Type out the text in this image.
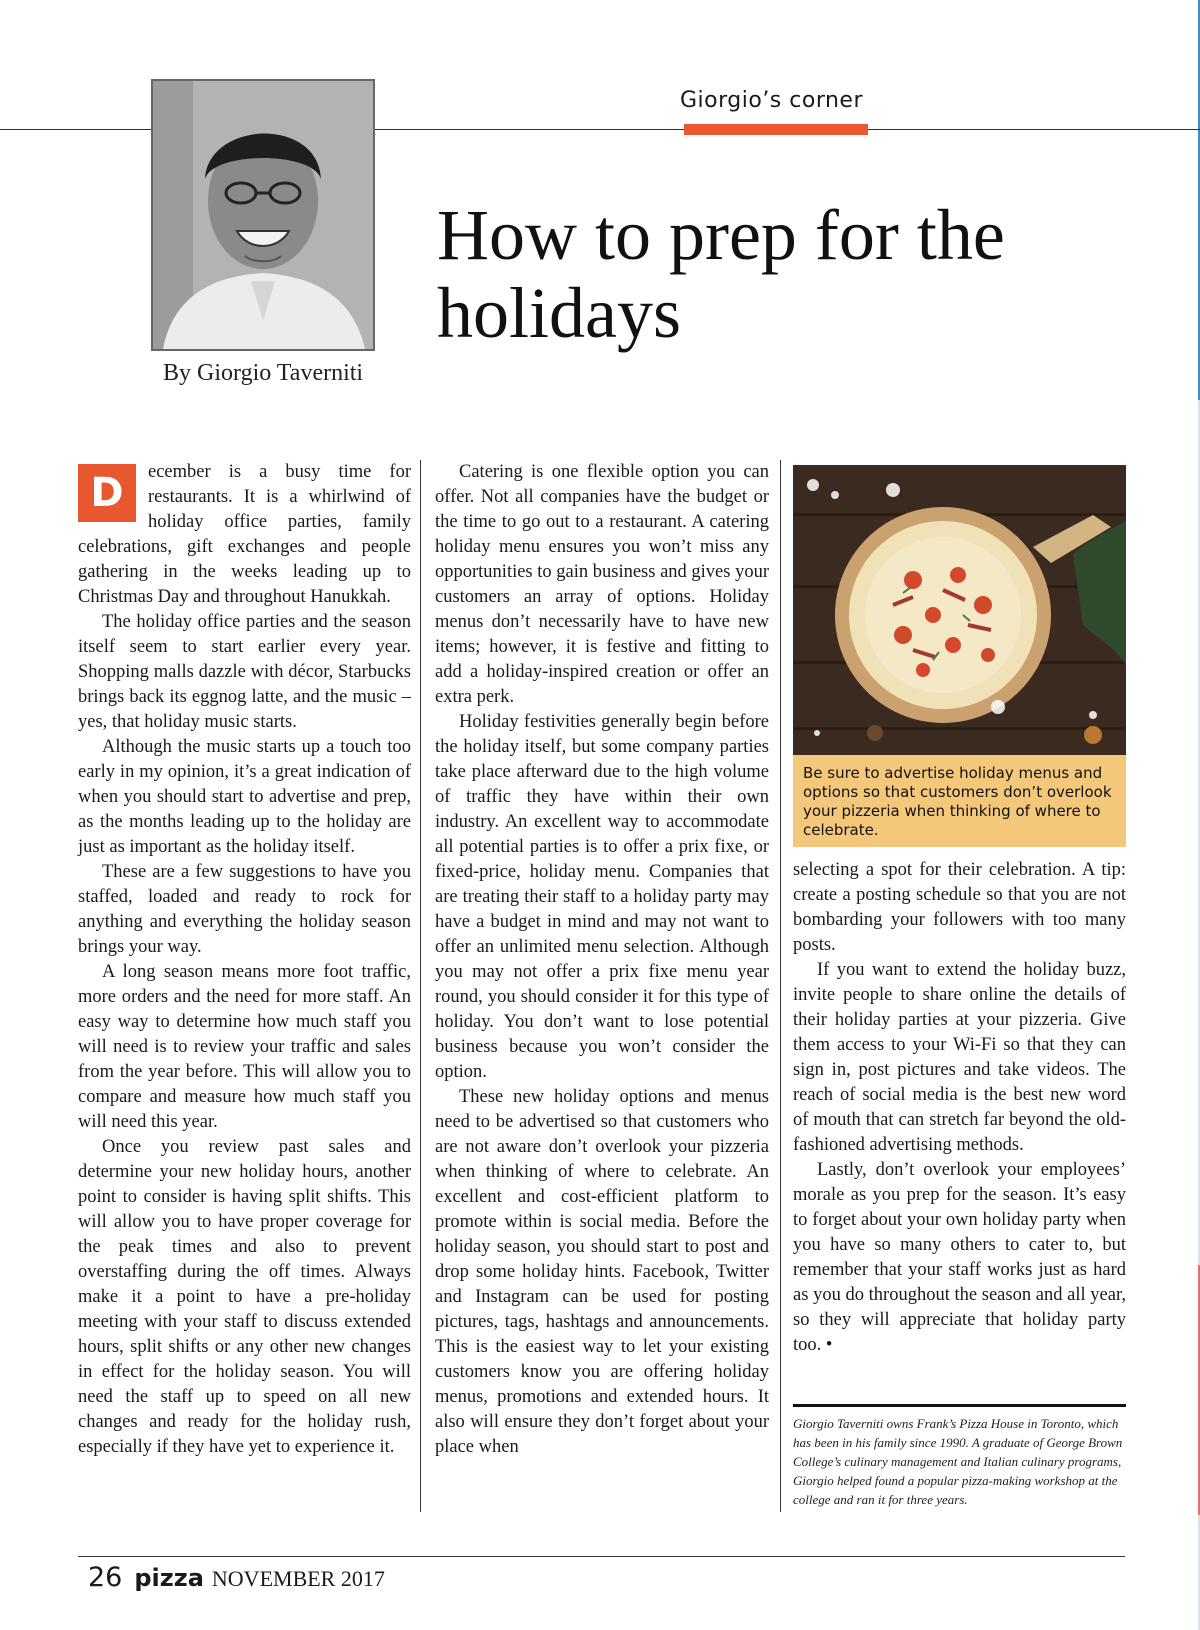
Giorgio’s corner
By Giorgio Taverniti
How to prep for the holidays

D	ecember is a busy time for restaurants. It is a whirlwind of holiday office parties, family celebrations, gift exchanges and people gathering in the weeks leading up to Christmas Day and throughout Hanukkah.

The holiday office parties and the season itself seem to start earlier every year. Shopping malls dazzle with décor, Starbucks brings back its eggnog latte, and the music – yes, that holiday music starts.

Although the music starts up a touch too early in my opinion, it’s a great indication of when you should start to advertise and prep, as the months leading up to the holiday are just as important as the holiday itself.

These are a few suggestions to have you staffed, loaded and ready to rock for anything and everything the holiday season brings your way.

A long season means more foot traffic, more orders and the need for more staff. An easy way to determine how much staff you will need is to review your traffic and sales from the year before. This will allow you to compare and measure how much staff you will need this year.

Once you review past sales and determine your new holiday hours, another point to consider is having split shifts. This will allow you to have proper coverage for the peak times and also to prevent overstaffing during the off times. Always make it a point to have a pre-holiday meeting with your staff to discuss extended hours, split shifts or any other new changes in effect for the holiday season. You will need the staff up to speed on all new changes and ready for the holiday rush, especially if they have yet to experience it.

Catering is one flexible option you can offer. Not all companies have the budget or the time to go out to a restaurant. A catering holiday menu ensures you won’t miss any opportunities to gain business and gives your customers an array of options. Holiday menus don’t necessarily have to have new items; however, it is festive and fitting to add a holiday-inspired creation or offer an extra perk.

Holiday festivities generally begin before the holiday itself, but some company parties take place afterward due to the high volume of traffic they have within their own industry. An excellent way to accommodate all potential parties is to offer a prix fixe, or fixed-price, holiday menu. Companies that are treating their staff to a holiday party may have a budget in mind and may not want to offer an unlimited menu selection. Although you may not offer a prix fixe menu year round, you should consider it for this type of holiday. You don’t want to lose potential business because you won’t consider the option.

These new holiday options and menus need to be advertised so that customers who are not aware don’t overlook your pizzeria when thinking of where to celebrate. An excellent and cost-efficient platform to promote within is social media. Before the holiday season, you should start to post and drop some holiday hints. Facebook, Twitter and Instagram can be used for posting pictures, tags, hashtags and announcements. This is the easiest way to let your existing customers know you are offering holiday menus, promotions and extended hours. It also will ensure they don’t forget about your place when

Be sure to advertise holiday menus and options so that customers don’t overlook your pizzeria when thinking of where to celebrate.

selecting a spot for their celebration. A tip: create a posting schedule so that you are not bombarding your followers with too many posts.

If you want to extend the holiday buzz, invite people to share online the details of their holiday parties at your pizzeria. Give them access to your Wi-Fi so that they can sign in, post pictures and take videos. The reach of social media is the best new word of mouth that can stretch far beyond the old-fashioned advertising methods.

Lastly, don’t overlook your employees’ morale as you prep for the season. It’s easy to forget about your own holiday party when you have so many others to cater to, but remember that your staff works just as hard as you do throughout the season and all year, so they will appreciate that holiday party too. •

Giorgio Taverniti owns Frank’s Pizza House in Toronto, which has been in his family since 1990. A graduate of George Brown College’s culinary management and Italian culinary programs, Giorgio helped found a popular pizza-making workshop at the college and ran it for three years.
26 pizza NOVEMBER 2017
